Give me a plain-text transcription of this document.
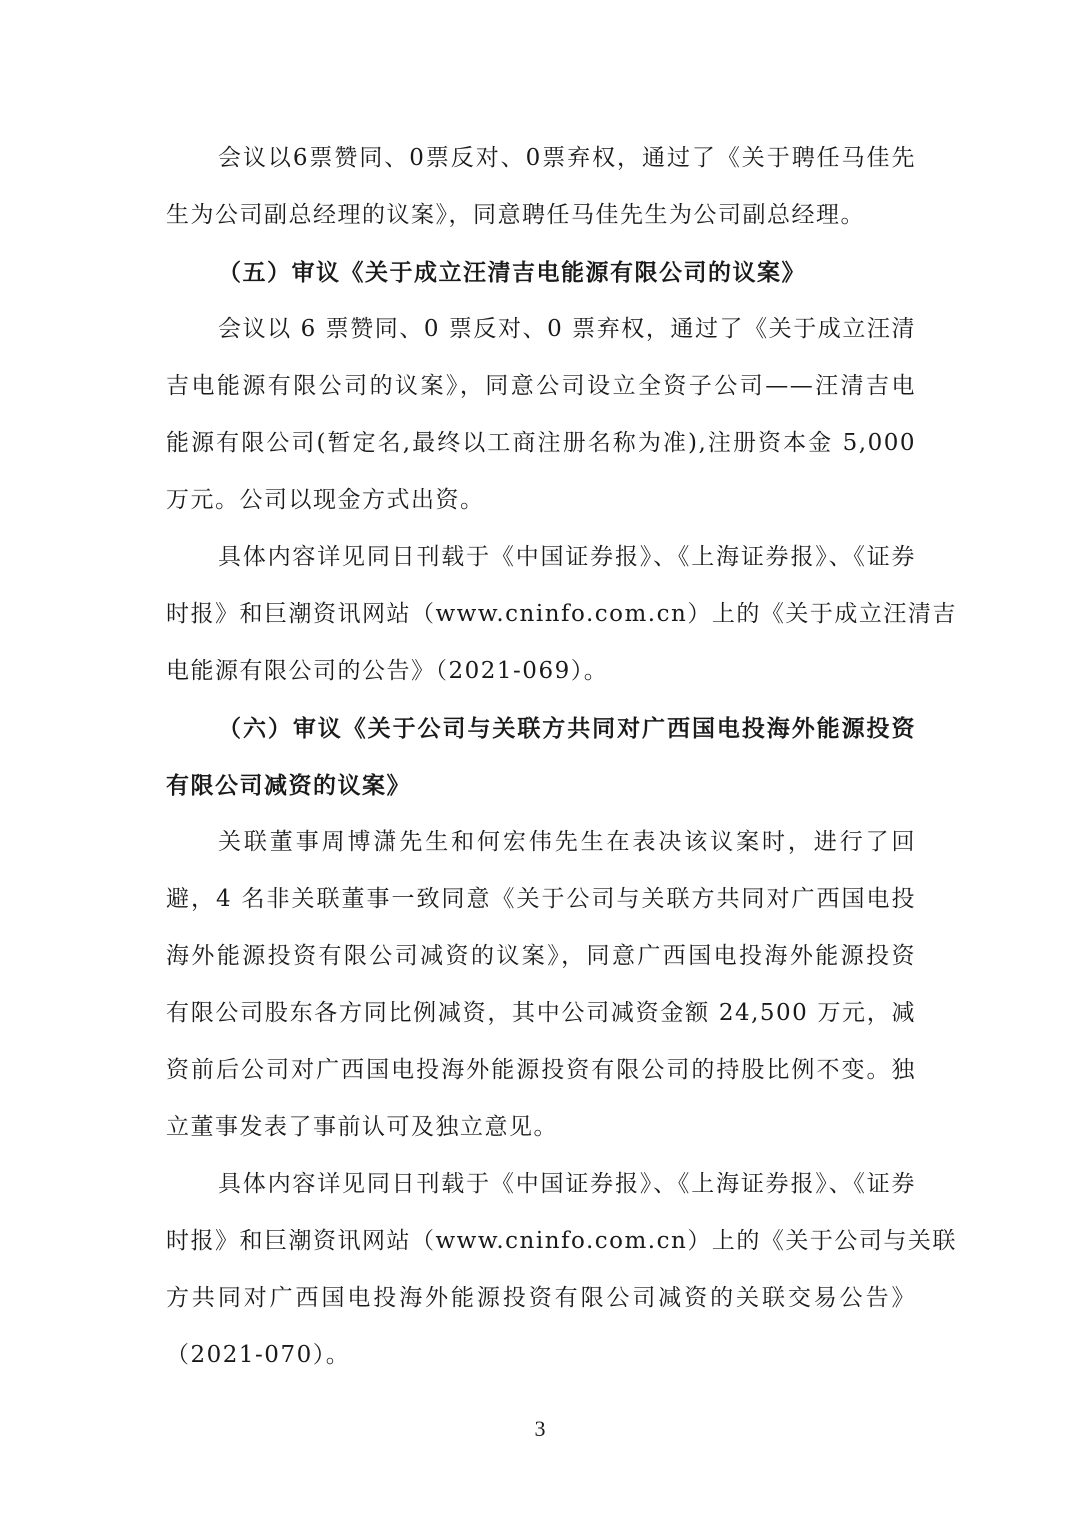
会议以6票赞同、0票反对、0票弃权，通过了《关于聘任马佳先
生为公司副总经理的议案》，同意聘任马佳先生为公司副总经理。
（五）审议《关于成立汪清吉电能源有限公司的议案》
会议以 6 票赞同、0 票反对、0 票弃权，通过了《关于成立汪清
吉电能源有限公司的议案》，同意公司设立全资子公司——汪清吉电
能源有限公司(暂定名,最终以工商注册名称为准),注册资本金 5,000
万元。公司以现金方式出资。
具体内容详见同日刊载于《中国证券报》、《上海证券报》、《证券
时报》和巨潮资讯网站（www.cninfo.com.cn）上的《关于成立汪清吉
电能源有限公司的公告》（2021-069）。
（六）审议《关于公司与关联方共同对广西国电投海外能源投资
有限公司减资的议案》
关联董事周博潇先生和何宏伟先生在表决该议案时，进行了回
避，4 名非关联董事一致同意《关于公司与关联方共同对广西国电投
海外能源投资有限公司减资的议案》，同意广西国电投海外能源投资
有限公司股东各方同比例减资，其中公司减资金额 24,500 万元，减
资前后公司对广西国电投海外能源投资有限公司的持股比例不变。独
立董事发表了事前认可及独立意见。
具体内容详见同日刊载于《中国证券报》、《上海证券报》、《证券
时报》和巨潮资讯网站（www.cninfo.com.cn）上的《关于公司与关联
方共同对广西国电投海外能源投资有限公司减资的关联交易公告》
（2021-070）。
3
